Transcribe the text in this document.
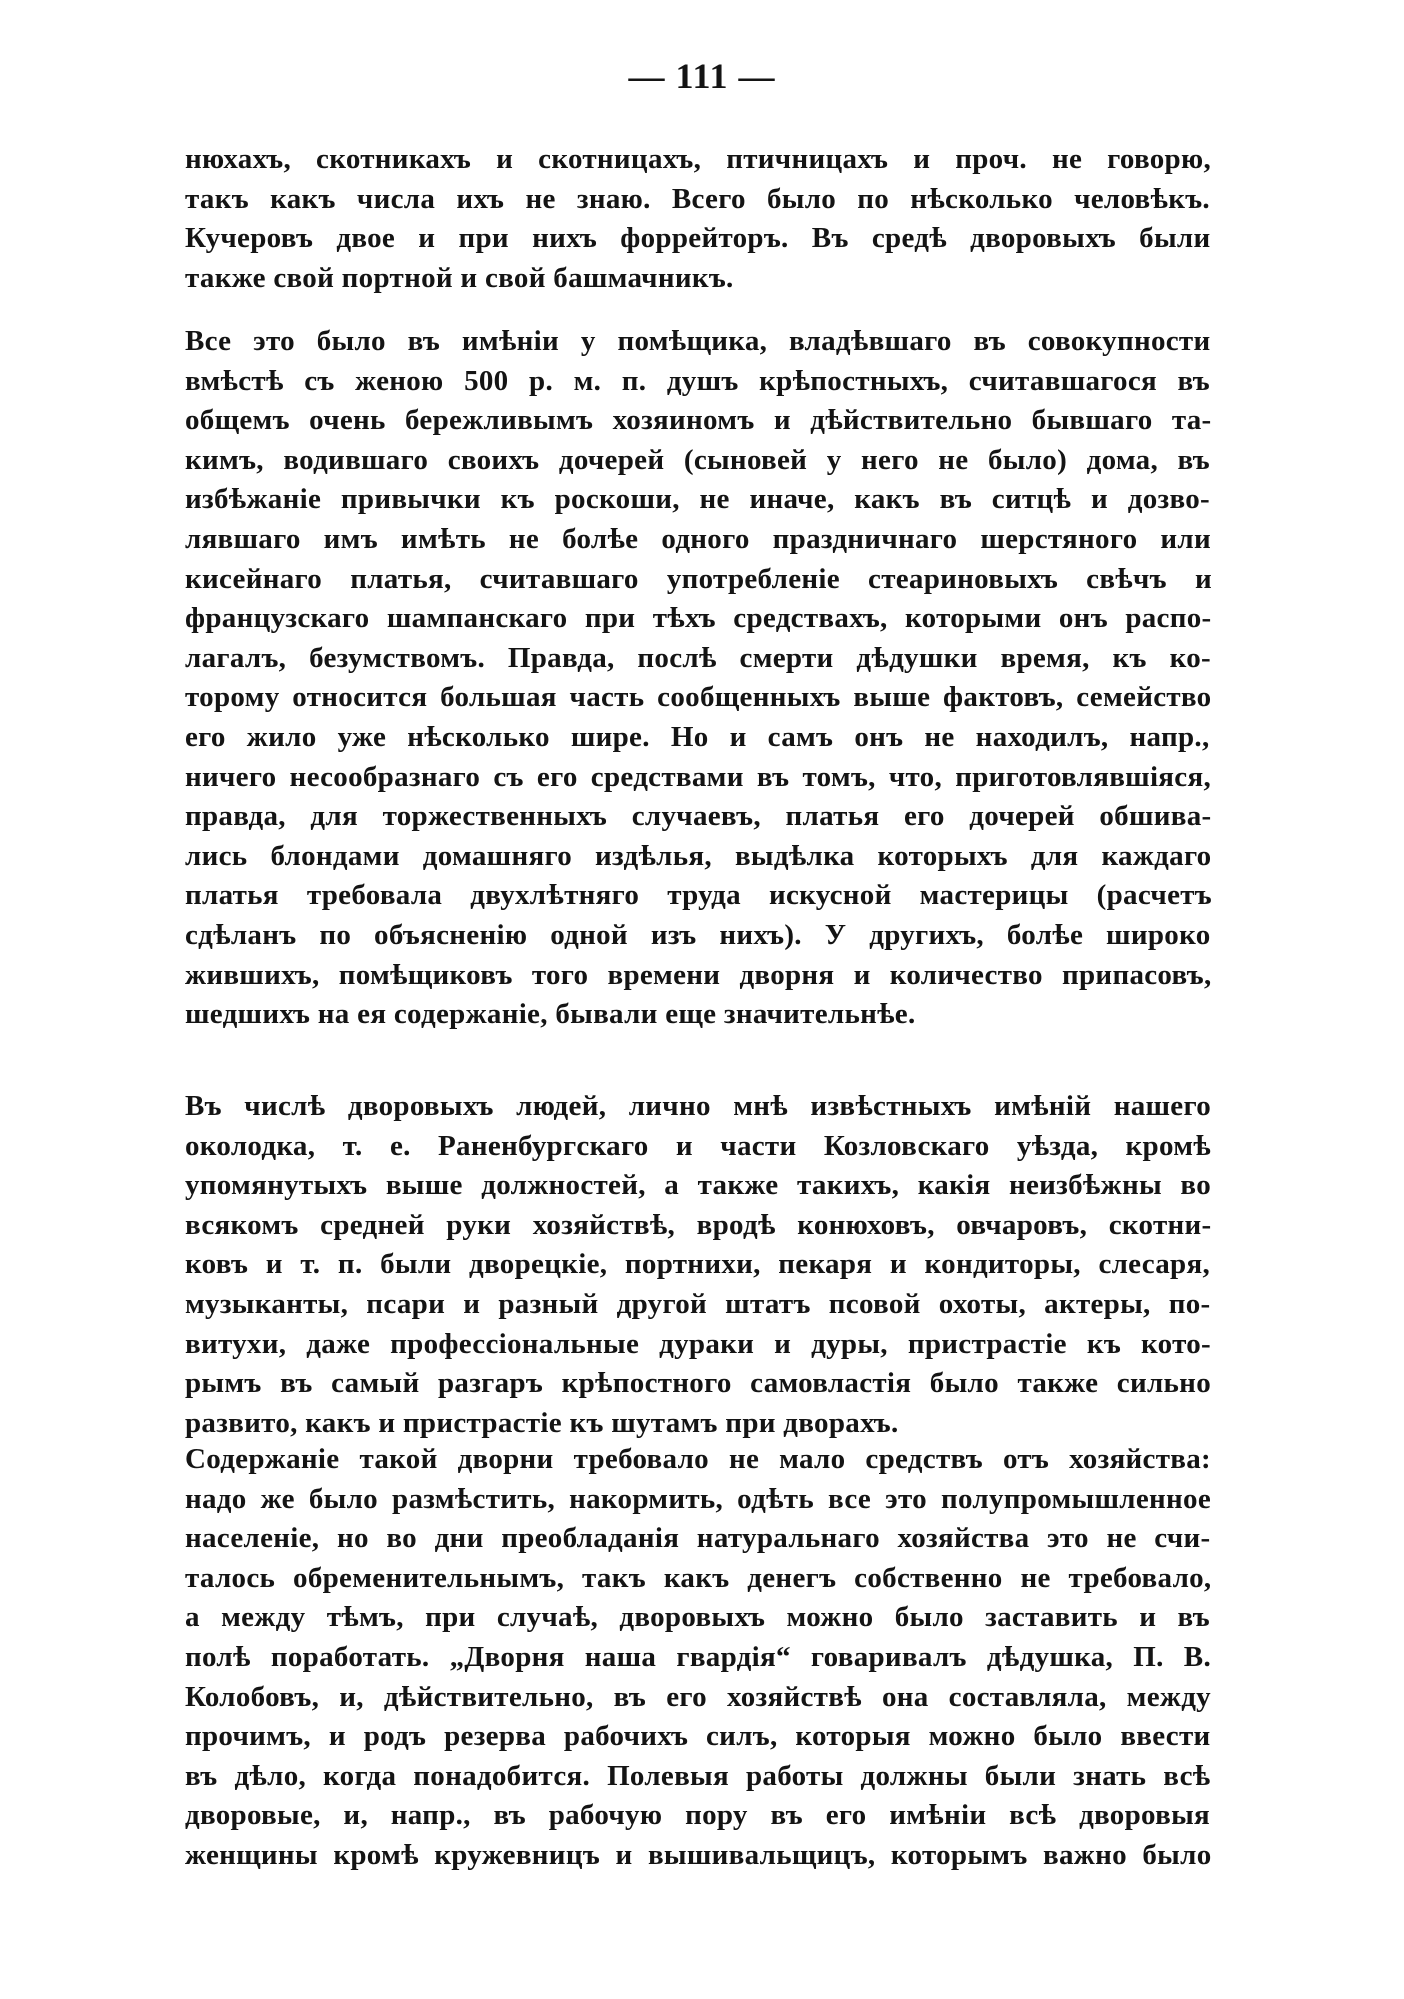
— 111 —

нюхахъ, скотникахъ и скотницахъ, птичницахъ и проч. не говорю,
такъ какъ числа ихъ не знаю. Всего было по нѣсколько человѣкъ.
Кучеровъ двое и при нихъ форрейторъ. Въ средѣ дворовыхъ были
также свой портной и свой башмачникъ.

Все это было въ имѣніи у помѣщика, владѣвшаго въ совокупности
вмѣстѣ съ женою 500 р. м. п. душъ крѣпостныхъ, считавшагося въ
общемъ очень бережливымъ хозяиномъ и дѣйствительно бывшаго та-
кимъ, водившаго своихъ дочерей (сыновей у него не было) дома, въ
избѣжаніе привычки къ роскоши, не иначе, какъ въ ситцѣ и дозво-
лявшаго имъ имѣть не болѣе одного праздничнаго шерстяного или
кисейнаго платья, считавшаго употребленіе стеариновыхъ свѣчъ и
французскаго шампанскаго при тѣхъ средствахъ, которыми онъ распо-
лагалъ, безумствомъ. Правда, послѣ смерти дѣдушки время, къ ко-
торому относится большая часть сообщенныхъ выше фактовъ, семейство
его жило уже нѣсколько шире. Но и самъ онъ не находилъ, напр.,
ничего несообразнаго съ его средствами въ томъ, что, приготовлявшіяся,
правда, для торжественныхъ случаевъ, платья его дочерей обшива-
лись блондами домашняго издѣлья, выдѣлка которыхъ для каждаго
платья требовала двухлѣтняго труда искусной мастерицы (расчетъ
сдѣланъ по объясненію одной изъ нихъ). У другихъ, болѣе широко
жившихъ, помѣщиковъ того времени дворня и количество припасовъ,
шедшихъ на ея содержаніе, бывали еще значительнѣе.

Въ числѣ дворовыхъ людей, лично мнѣ извѣстныхъ имѣній нашего
околодка, т. е. Раненбургскаго и части Козловскаго уѣзда, кромѣ
упомянутыхъ выше должностей, а также такихъ, какія неизбѣжны во
всякомъ средней руки хозяйствѣ, вродѣ конюховъ, овчаровъ, скотни-
ковъ и т. п. были дворецкіе, портнихи, пекаря и кондиторы, слесаря,
музыканты, псари и разный другой штатъ псовой охоты, актеры, по-
витухи, даже профессіональные дураки и дуры, пристрастіе къ кото-
рымъ въ самый разгаръ крѣпостного самовластія было также сильно
развито, какъ и пристрастіе къ шутамъ при дворахъ.

Содержаніе такой дворни требовало не мало средствъ отъ хозяйства:
надо же было размѣстить, накормить, одѣть все это полупромышленное
населеніе, но во дни преобладанія натуральнаго хозяйства это не счи-
талось обременительнымъ, такъ какъ денегъ собственно не требовало,
а между тѣмъ, при случаѣ, дворовыхъ можно было заставить и въ
полѣ поработать. „Дворня наша гвардія“ говаривалъ дѣдушка, П. В.
Колобовъ, и, дѣйствительно, въ его хозяйствѣ она составляла, между
прочимъ, и родъ резерва рабочихъ силъ, которыя можно было ввести
въ дѣло, когда понадобится. Полевыя работы должны были знать всѣ
дворовые, и, напр., въ рабочую пору въ его имѣніи всѣ дворовыя
женщины кромѣ кружевницъ и вышивальщицъ, которымъ важно было
